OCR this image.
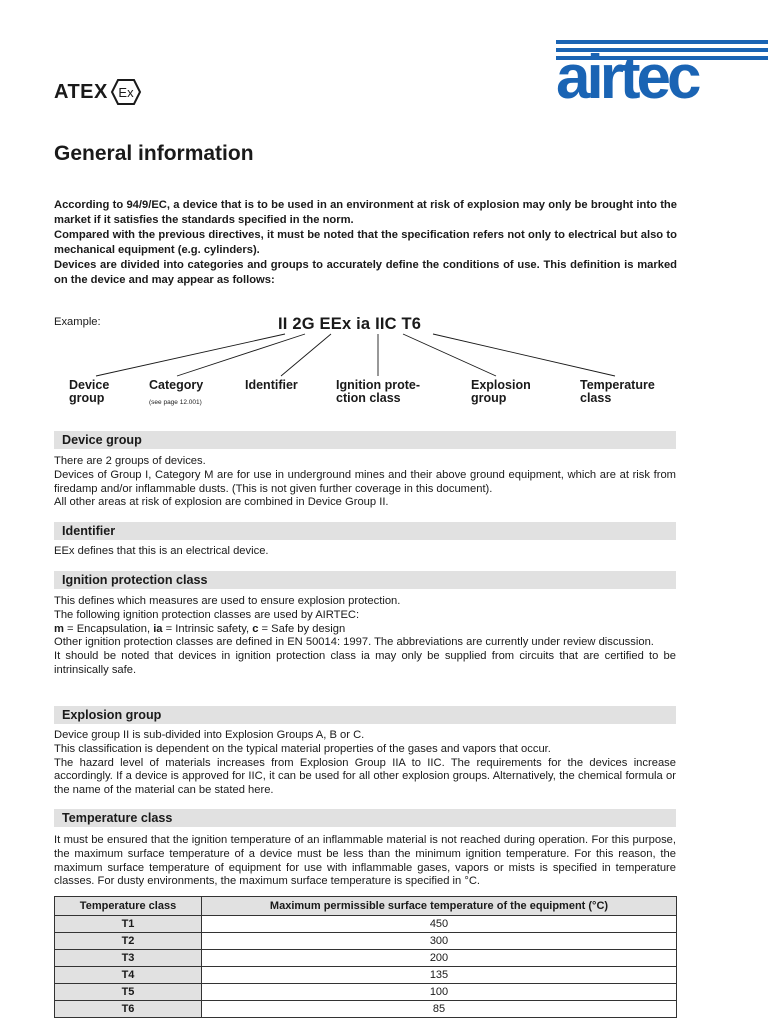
ATEX Ex	airtec
General information

According to 94/9/EC, a device that is to be used in an environment at risk of explosion may only be brought into the market if it satisfies the standards specified in the norm.

Compared with the previous directives, it must be noted that the specification refers not only to electrical but also to mechanical equipment (e.g. cylinders).

Devices are divided into categories and groups to accurately define the conditions of use. This definition is marked on the device and may appear as follows:

Example:	II 2G EEx ia IIC T6
Device
group
Category
(see page 12.001)
Identifier	Ignition prote-
ction class
Explosion
group
Temperature
class
Device group

There are 2 groups of devices.

Devices of Group I, Category M are for use in underground mines and their above ground equipment, which are at risk from firedamp and/or inflammable dusts. (This is not given further coverage in this document).

All other areas at risk of explosion are combined in Device Group II.

Identifier

EEx defines that this is an electrical device.

Ignition protection class

This defines which measures are used to ensure explosion protection.

The following ignition protection classes are used by AIRTEC:

m = Encapsulation, ia = Intrinsic safety, c = Safe by design

Other ignition protection classes are defined in EN 50014: 1997. The abbreviations are currently under review discussion.

It should be noted that devices in ignition protection class ia may only be supplied from circuits that are certified to be intrinsically safe.

Explosion group

Device group II is sub-divided into Explosion Groups A, B or C.

This classification is dependent on the typical material properties of the gases and vapors that occur.

The hazard level of materials increases from Explosion Group IIA to IIC. The requirements for the devices increase accordingly. If a device is approved for IIC, it can be used for all other explosion groups. Alternatively, the chemical formula or the name of the material can be stated here.

Temperature class

It must be ensured that the ignition temperature of an inflammable material is not reached during operation. For this purpose, the maximum surface temperature of a device must be less than the minimum ignition temperature. For this reason, the maximum surface temperature of equipment for use with inflammable gases, vapors or mists is specified in temperature classes. For dusty environments, the maximum surface temperature is specified in °C.

Temperature class	Maximum permissible surface temperature of the equipment (°C)
T1	450
T2	300
T3	200
T4	135
T5	100
T6	85
